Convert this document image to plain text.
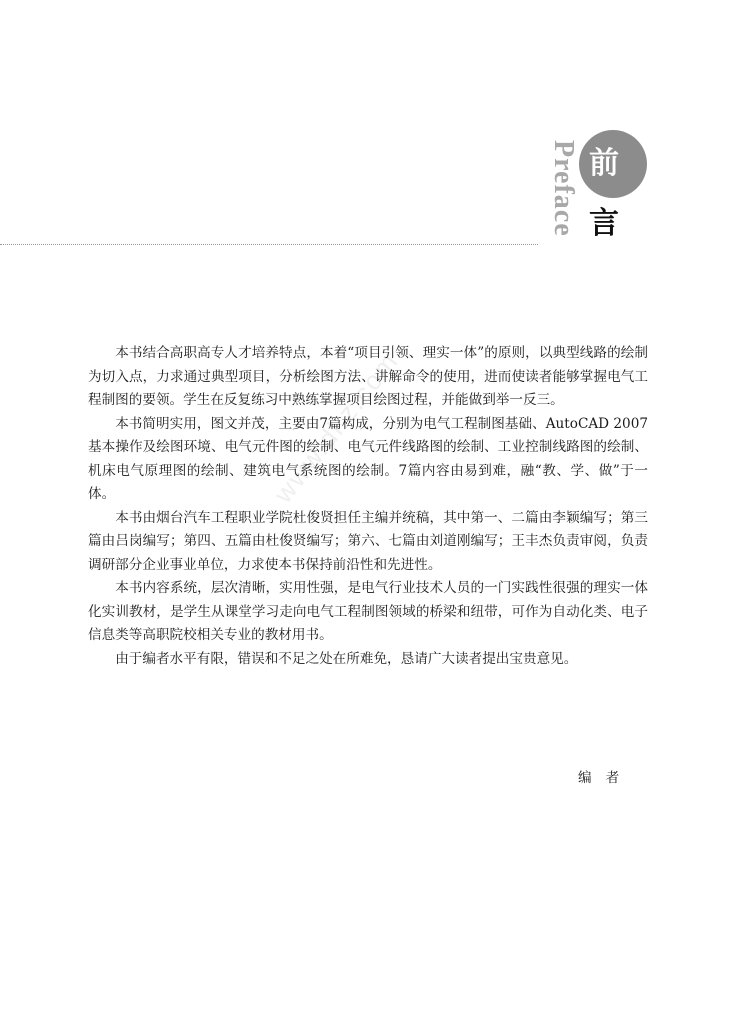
Preface 前
言
www.dl.z.com

本书结合高职高专人才培养特点，本着“项目引领、理实一体”的原则，以典型线路的绘制为切入点，力求通过典型项目，分析绘图方法、讲解命令的使用，进而使读者能够掌握电气工程制图的要领。学生在反复练习中熟练掌握项目绘图过程，并能做到举一反三。

本书简明实用，图文并茂，主要由7篇构成，分别为电气工程制图基础、AutoCAD 2007基本操作及绘图环境、电气元件图的绘制、电气元件线路图的绘制、工业控制线路图的绘制、机床电气原理图的绘制、建筑电气系统图的绘制。7篇内容由易到难，融“教、学、做”于一体。

本书由烟台汽车工程职业学院杜俊贤担任主编并统稿，其中第一、二篇由李颖编写；第三篇由吕岗编写；第四、五篇由杜俊贤编写；第六、七篇由刘道刚编写；王丰杰负责审阅，负责调研部分企业事业单位，力求使本书保持前沿性和先进性。

本书内容系统，层次清晰，实用性强，是电气行业技术人员的一门实践性很强的理实一体化实训教材，是学生从课堂学习走向电气工程制图领域的桥梁和纽带，可作为自动化类、电子信息类等高职院校相关专业的教材用书。

由于编者水平有限，错误和不足之处在所难免，恳请广大读者提出宝贵意见。

编者
